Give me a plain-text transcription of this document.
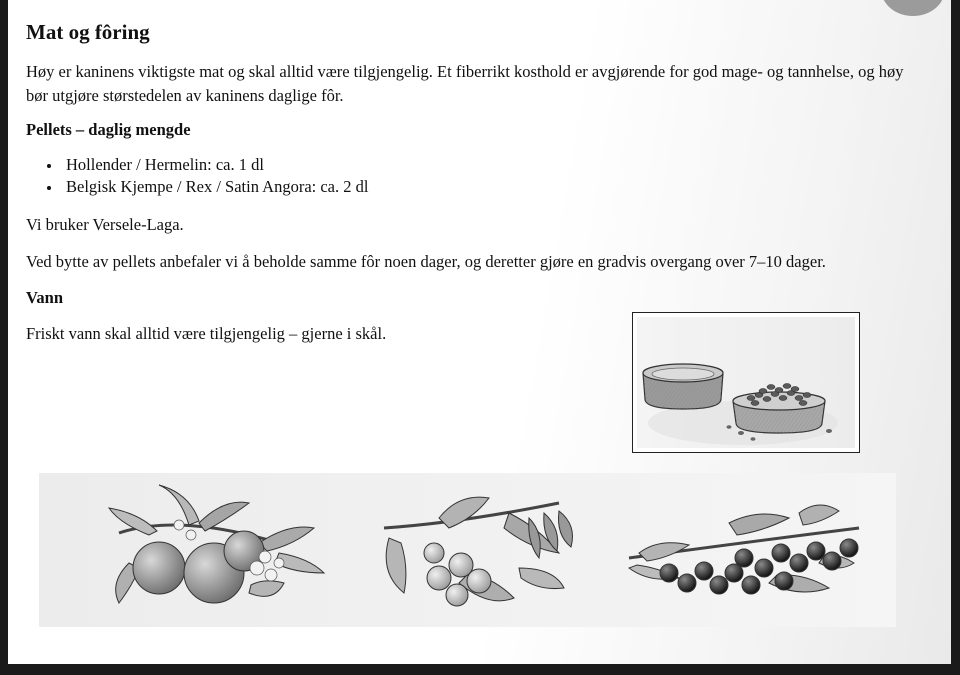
Mat og fôring

Høy er kaninens viktigste mat og skal alltid være tilgjengelig. Et fiberrikt kosthold er avgjørende for god mage- og tannhelse, og høy bør utgjøre størstedelen av kaninens daglige fôr.

Pellets – daglig mengde

Hollender / Hermelin: ca. 1 dl
Belgisk Kjempe / Rex / Satin Angora: ca. 2 dl

Vi bruker Versele-Laga.

Ved bytte av pellets anbefaler vi å beholde samme fôr noen dager, og deretter gjøre en gradvis overgang over 7–10 dager.

Vann

Friskt vann skal alltid være tilgjengelig – gjerne i skål.
